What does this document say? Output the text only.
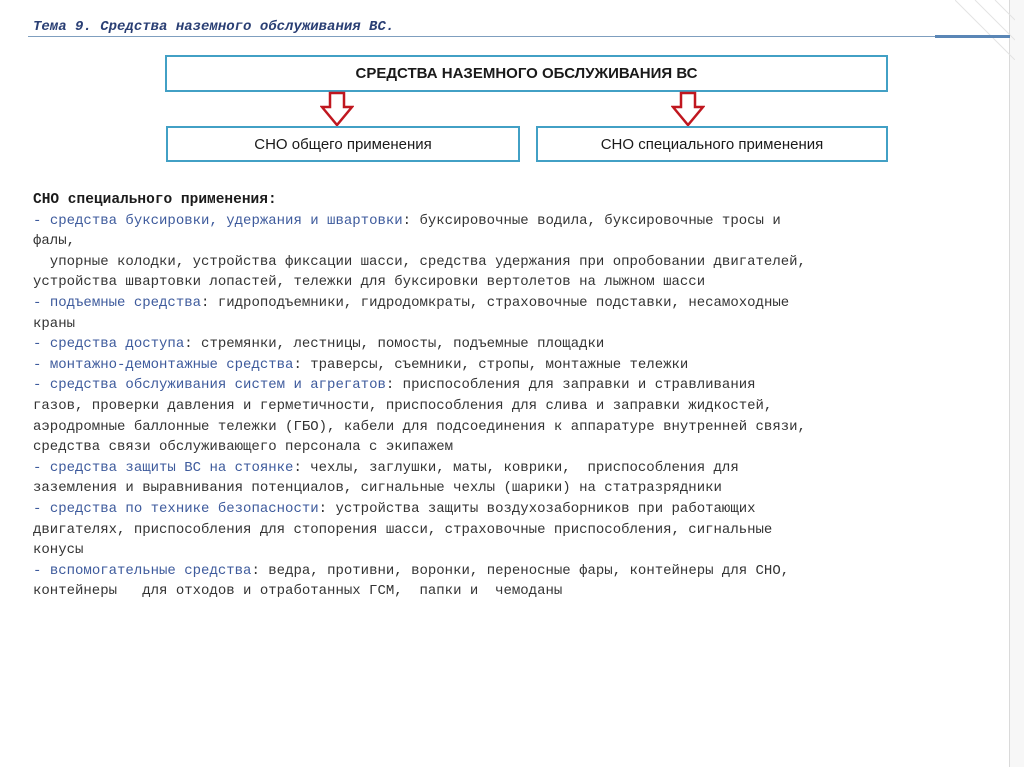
Тема 9. Средства наземного обслуживания ВС.
СРЕДСТВА НАЗЕМНОГО ОБСЛУЖИВАНИЯ ВС
СНО общего применения	СНО специального применения

СНО специального применения:

- средства буксировки, удержания и швартовки: буксировочные водила, буксировочные тросы и

фалы,

упорные колодки, устройства фиксации шасси, средства удержания при опробовании двигателей,

устройства швартовки лопастей, тележки для буксировки вертолетов на лыжном шасси

- подъемные средства: гидроподъемники, гидродомкраты, страховочные подставки, несамоходные

краны

- средства доступа: стремянки, лестницы, помосты, подъемные площадки

- монтажно-демонтажные средства: траверсы, съемники, стропы, монтажные тележки

- средства обслуживания систем и агрегатов: приспособления для заправки и стравливания

газов, проверки давления и герметичности, приспособления для слива и заправки жидкостей,

аэродромные баллонные тележки (ГБО), кабели для подсоединения к аппаратуре внутренней связи,

средства связи обслуживающего персонала с экипажем

- средства защиты ВС на стоянке: чехлы, заглушки, маты, коврики,  приспособления для

заземления и выравнивания потенциалов, сигнальные чехлы (шарики) на статразрядники

- средства по технике безопасности: устройства защиты воздухозаборников при работающих

двигателях, приспособления для стопорения шасси, страховочные приспособления, сигнальные

конусы

- вспомогательные средства: ведра, противни, воронки, переносные фары, контейнеры для СНО,

контейнеры   для отходов и отработанных ГСМ,  папки и  чемоданы
